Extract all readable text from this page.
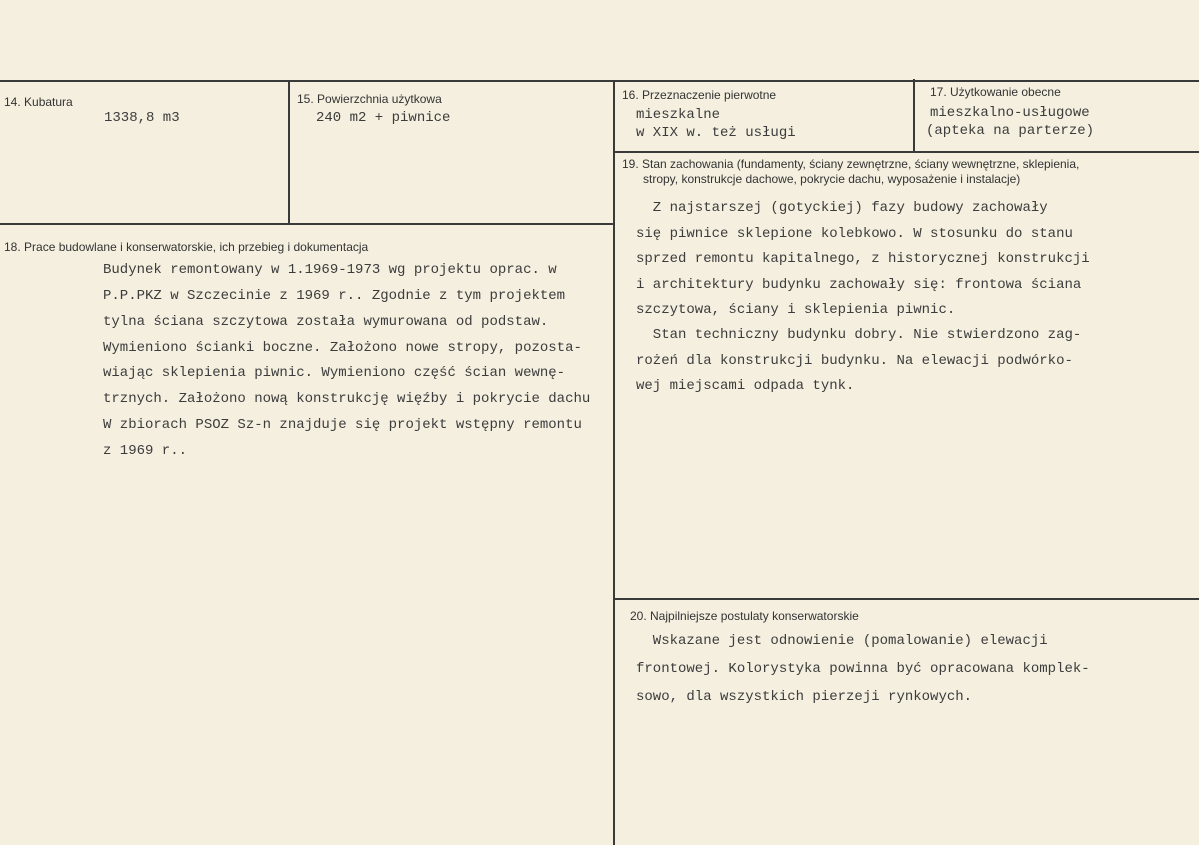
14. Kubatura
1338,8 m3
15. Powierzchnia użytkowa
240 m2 + piwnice
16. Przeznaczenie pierwotne
mieszkalne
w XIX w. też usługi
17. Użytkowanie obecne
mieszkalno-usługowe
(apteka na parterze)
18. Prace budowlane i konserwatorskie, ich przebieg i dokumentacja
Budynek remontowany w 1.1969-1973 wg projektu oprac. w
P.P.PKZ w Szczecinie z 1969 r.. Zgodnie z tym projektem
tylna ściana szczytowa została wymurowana od podstaw.
Wymieniono ścianki boczne. Założono nowe stropy, pozosta-
wiając sklepienia piwnic. Wymieniono część ścian wewnę-
trznych. Założono nową konstrukcję więźby i pokrycie dachu
W zbiorach PSOZ Sz-n znajduje się projekt wstępny remontu
z 1969 r..
19. Stan zachowania (fundamenty, ściany zewnętrzne, ściany wewnętrzne, sklepienia,
stropy, konstrukcje dachowe, pokrycie dachu, wyposażenie i instalacje)
Z najstarszej (gotyckiej) fazy budowy zachowały
się piwnice sklepione kolebkowo. W stosunku do stanu
sprzed remontu kapitalnego, z historycznej konstrukcji
i architektury budynku zachowały się: frontowa ściana
szczytowa, ściany i sklepienia piwnic.
Stan techniczny budynku dobry. Nie stwierdzono zag-
rożeń dla konstrukcji budynku. Na elewacji podwórko-
wej miejscami odpada tynk.
20. Najpilniejsze postulaty konserwatorskie
Wskazane jest odnowienie (pomalowanie) elewacji
frontowej. Kolorystyka powinna być opracowana komplek-
sowo, dla wszystkich pierzeji rynkowych.
